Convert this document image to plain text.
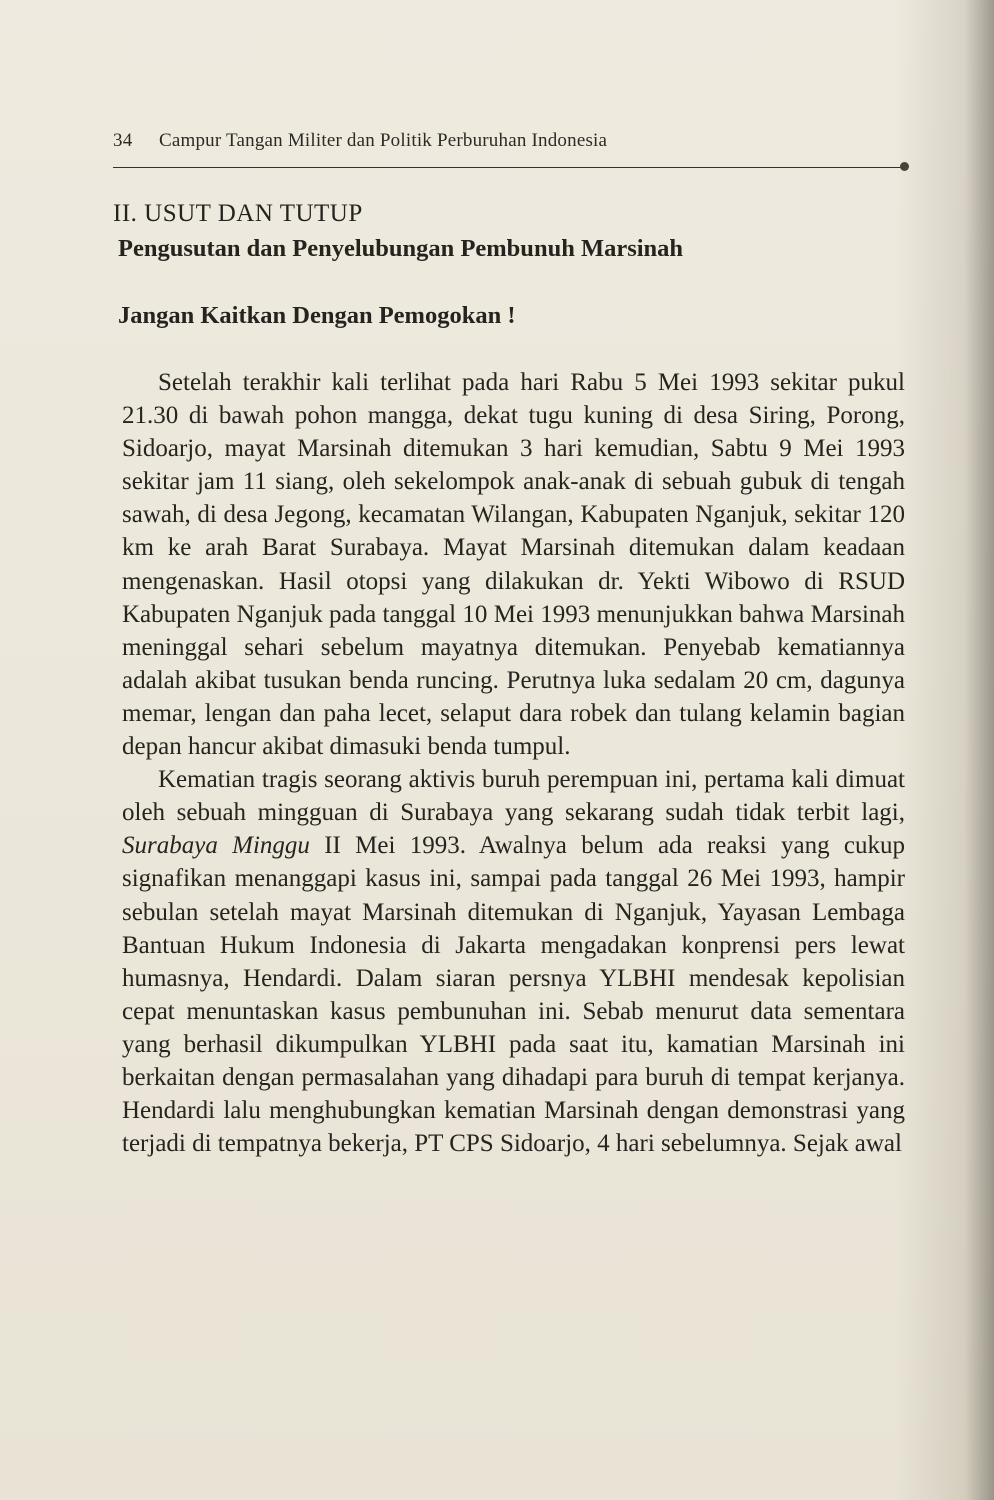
34 Campur Tangan Militer dan Politik Perburuhan Indonesia
II. USUT DAN TUTUP
Pengusutan dan Penyelubungan Pembunuh Marsinah
Jangan Kaitkan Dengan Pemogokan !

Setelah terakhir kali terlihat pada hari Rabu 5 Mei 1993 sekitar pukul 21.30 di bawah pohon mangga, dekat tugu kuning di desa Siring, Porong, Sidoarjo, mayat Marsinah ditemukan 3 hari kemudian, Sabtu 9 Mei 1993 sekitar jam 11 siang, oleh sekelompok anak-anak di sebuah gubuk di tengah sawah, di desa Jegong, kecamatan Wilangan, Kabupaten Nganjuk, sekitar 120 km ke arah Barat Surabaya. Mayat Marsinah ditemukan dalam keadaan mengenaskan. Hasil otopsi yang dilakukan dr. Yekti Wibowo di RSUD Kabupaten Nganjuk pada tanggal 10 Mei 1993 menunjukkan bahwa Marsinah meninggal sehari sebelum mayatnya ditemukan. Penyebab kematiannya adalah akibat tusukan benda runcing. Perutnya luka sedalam 20 cm, dagunya memar, lengan dan paha lecet, selaput dara robek dan tulang kelamin bagian depan hancur akibat dimasuki benda tumpul.

Kematian tragis seorang aktivis buruh perempuan ini, pertama kali dimuat oleh sebuah mingguan di Surabaya yang sekarang sudah tidak terbit lagi, Surabaya Minggu II Mei 1993. Awalnya belum ada reaksi yang cukup signafikan menanggapi kasus ini, sampai pada tanggal 26 Mei 1993, hampir sebulan setelah mayat Marsinah ditemukan di Nganjuk, Yayasan Lembaga Bantuan Hukum Indonesia di Jakarta mengadakan konprensi pers lewat humasnya, Hendardi. Dalam siaran persnya YLBHI mendesak kepolisian cepat menuntaskan kasus pembunuhan ini. Sebab menurut data sementara yang berhasil dikumpulkan YLBHI pada saat itu, kamatian Marsinah ini berkaitan dengan permasalahan yang dihadapi para buruh di tempat kerjanya. Hendardi lalu menghubungkan kematian Marsinah dengan demonstrasi yang terjadi di tempatnya bekerja, PT CPS Sidoarjo, 4 hari sebelumnya. Sejak awal
